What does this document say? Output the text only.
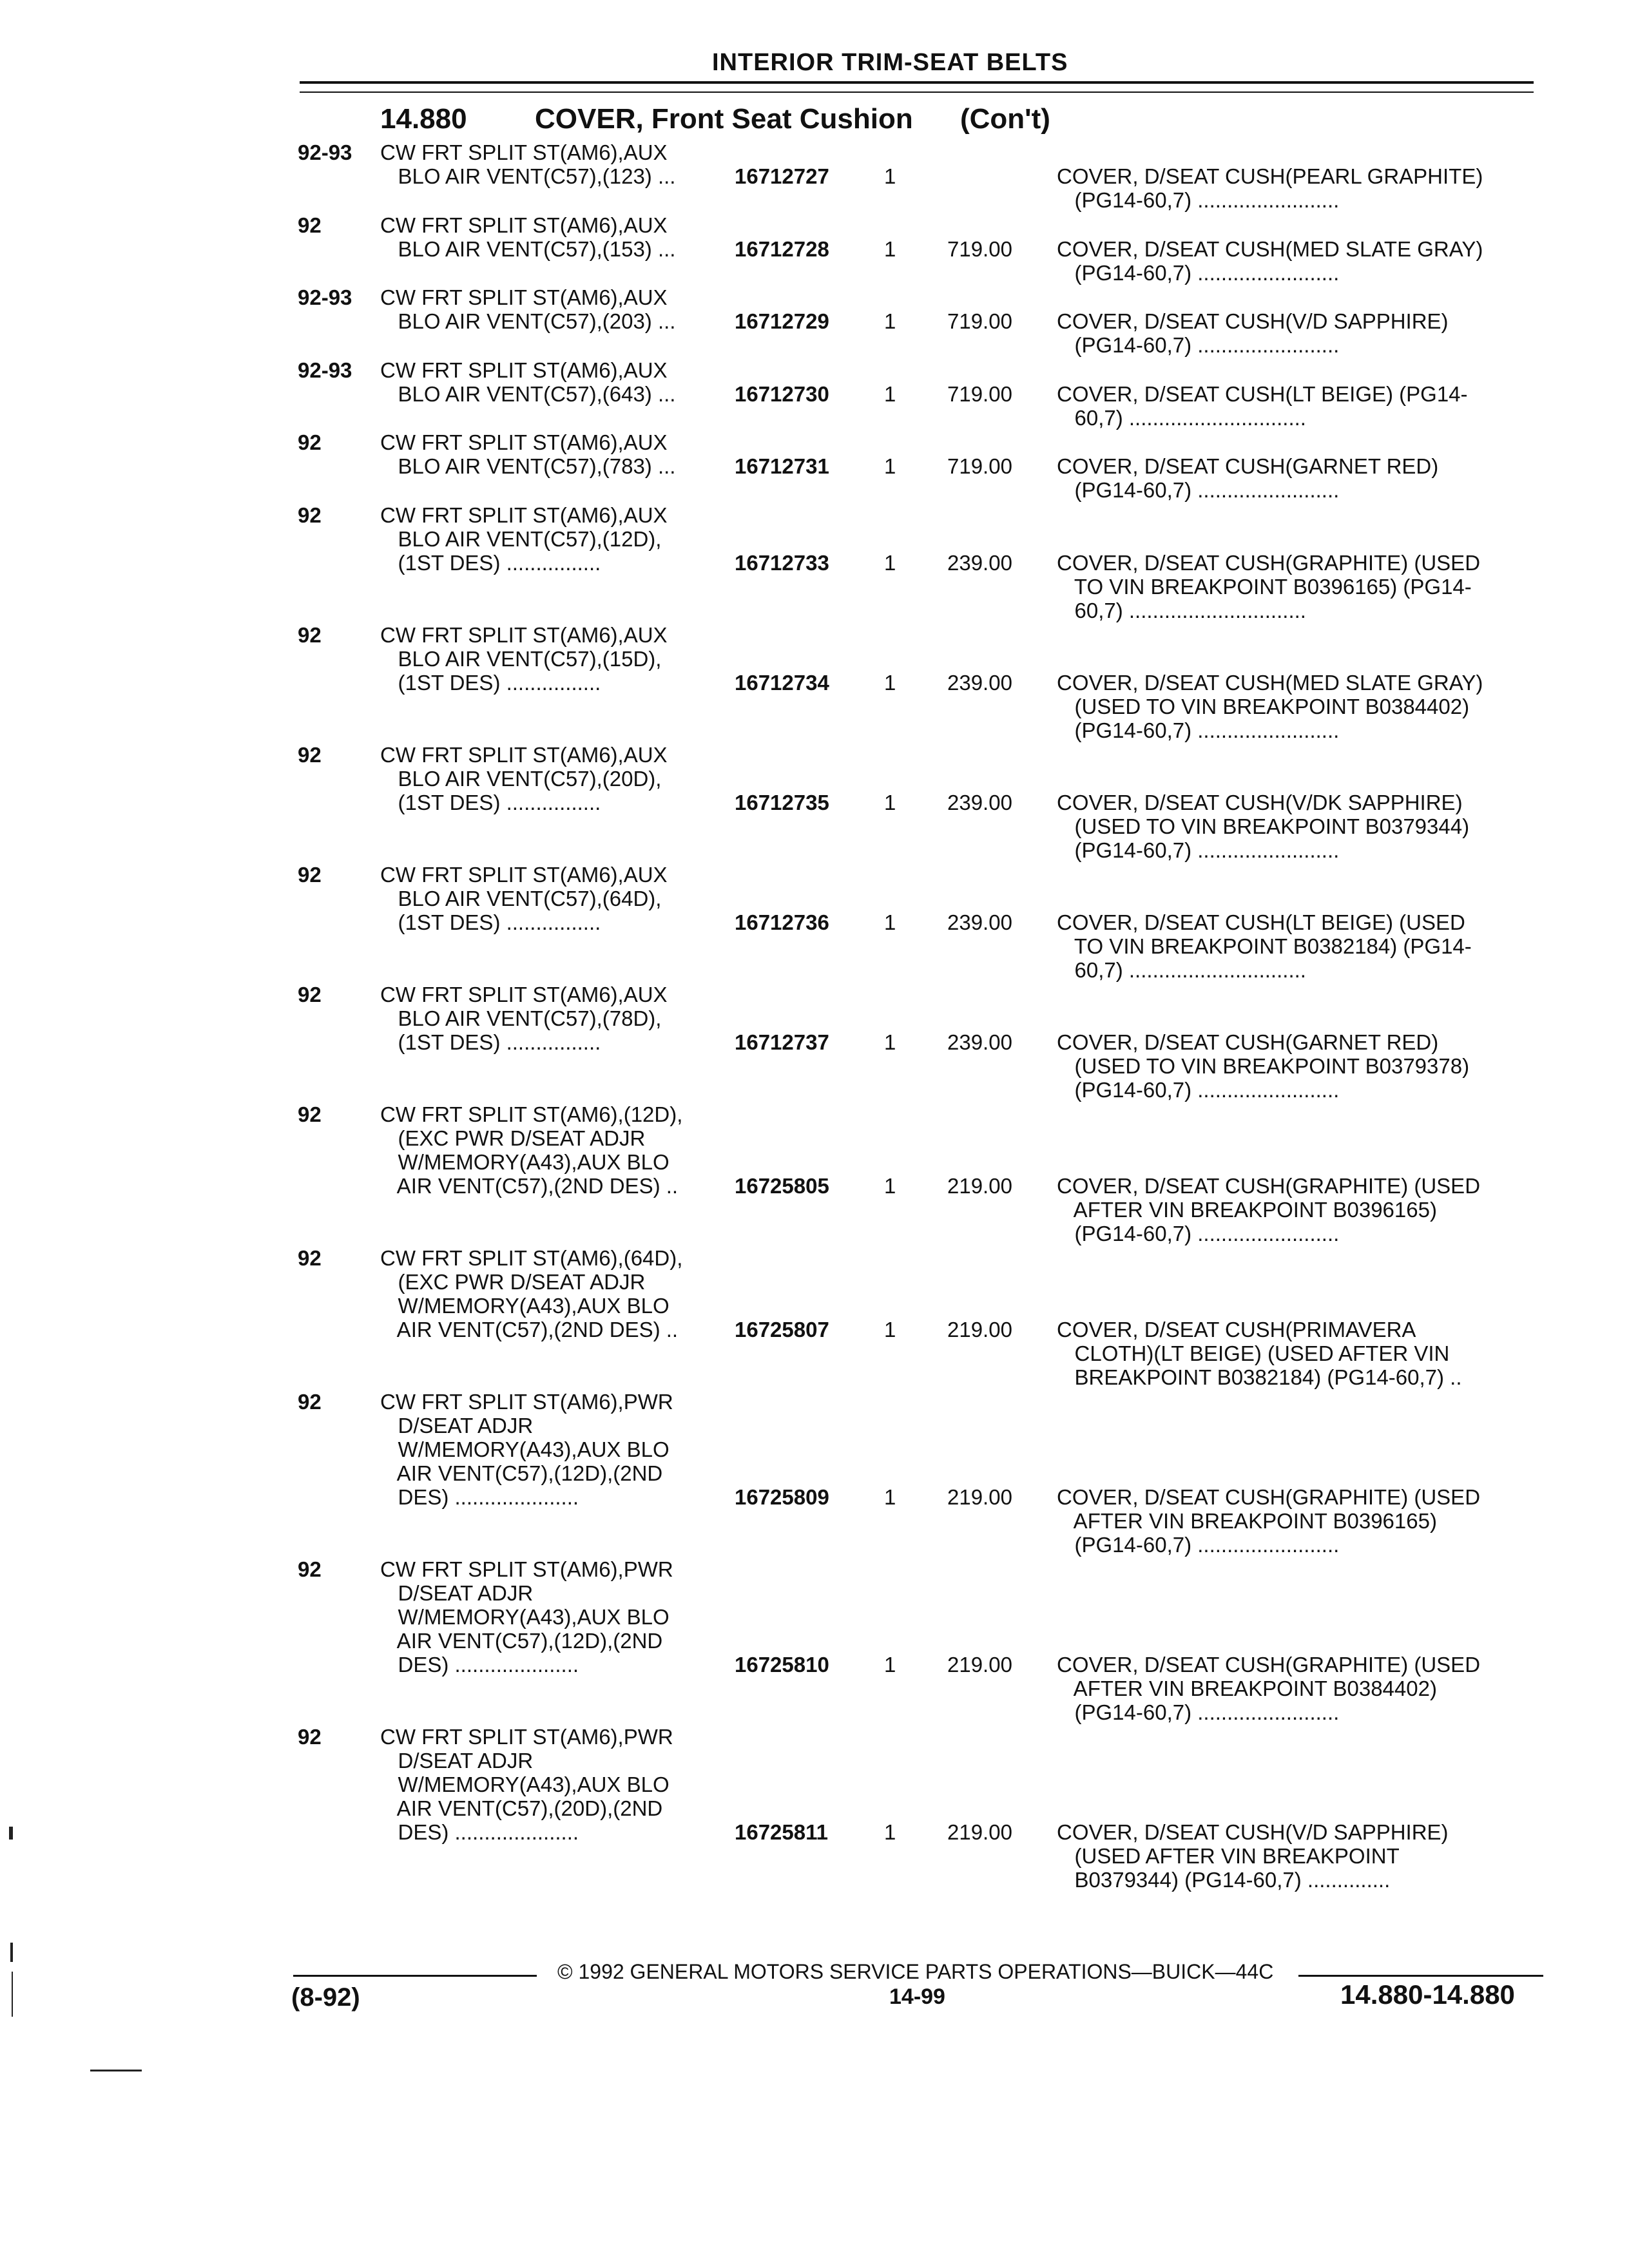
INTERIOR TRIM-SEAT BELTS
14.880 COVER, Front Seat Cushion (Con't)
92-93 CW FRT SPLIT ST(AM6),AUX
BLO AIR VENT(C57),(123) ...	16712727	1	COVER, D/SEAT CUSH(PEARL GRAPHITE)
(PG14-60,7) ........................
92	CW FRT SPLIT ST(AM6),AUX
BLO AIR VENT(C57),(153) ...	16712728	1 719.00 COVER, D/SEAT CUSH(MED SLATE GRAY)
(PG14-60,7) ........................
92-93 CW FRT SPLIT ST(AM6),AUX
BLO AIR VENT(C57),(203) ...	16712729	1 719.00 COVER, D/SEAT CUSH(V/D SAPPHIRE)
(PG14-60,7) ........................
92-93 CW FRT SPLIT ST(AM6),AUX
BLO AIR VENT(C57),(643) ...	16712730	1 719.00 COVER, D/SEAT CUSH(LT BEIGE) (PG14-
60,7) ..............................
92	CW FRT SPLIT ST(AM6),AUX
BLO AIR VENT(C57),(783) ...	16712731	1 719.00 COVER, D/SEAT CUSH(GARNET RED)
(PG14-60,7) ........................
92	CW FRT SPLIT ST(AM6),AUX
BLO AIR VENT(C57),(12D),
(1ST DES) ................	16712733	1 239.00 COVER, D/SEAT CUSH(GRAPHITE) (USED
TO VIN BREAKPOINT B0396165) (PG14-
60,7) ..............................
92	CW FRT SPLIT ST(AM6),AUX
BLO AIR VENT(C57),(15D),
(1ST DES) ................	16712734	1 239.00 COVER, D/SEAT CUSH(MED SLATE GRAY)
(USED TO VIN BREAKPOINT B0384402)
(PG14-60,7) ........................
92	CW FRT SPLIT ST(AM6),AUX
BLO AIR VENT(C57),(20D),
(1ST DES) ................	16712735	1 239.00 COVER, D/SEAT CUSH(V/DK SAPPHIRE)
(USED TO VIN BREAKPOINT B0379344)
(PG14-60,7) ........................
92	CW FRT SPLIT ST(AM6),AUX
BLO AIR VENT(C57),(64D),
(1ST DES) ................	16712736	1 239.00 COVER, D/SEAT CUSH(LT BEIGE) (USED
TO VIN BREAKPOINT B0382184) (PG14-
60,7) ..............................
92	CW FRT SPLIT ST(AM6),AUX
BLO AIR VENT(C57),(78D),
(1ST DES) ................	16712737	1 239.00 COVER, D/SEAT CUSH(GARNET RED)
(USED TO VIN BREAKPOINT B0379378)
(PG14-60,7) ........................
92	CW FRT SPLIT ST(AM6),(12D),
(EXC PWR D/SEAT ADJR
W/MEMORY(A43),AUX BLO
AIR VENT(C57),(2ND DES) ..	16725805	1 219.00 COVER, D/SEAT CUSH(GRAPHITE) (USED
AFTER VIN BREAKPOINT B0396165)
(PG14-60,7) ........................
92	CW FRT SPLIT ST(AM6),(64D),
(EXC PWR D/SEAT ADJR
W/MEMORY(A43),AUX BLO
AIR VENT(C57),(2ND DES) ..	16725807	1 219.00 COVER, D/SEAT CUSH(PRIMAVERA
CLOTH)(LT BEIGE) (USED AFTER VIN
BREAKPOINT B0382184) (PG14-60,7) ..
92	CW FRT SPLIT ST(AM6),PWR
D/SEAT ADJR
W/MEMORY(A43),AUX BLO
AIR VENT(C57),(12D),(2ND
DES) .....................	16725809	1 219.00 COVER, D/SEAT CUSH(GRAPHITE) (USED
AFTER VIN BREAKPOINT B0396165)
(PG14-60,7) ........................
92	CW FRT SPLIT ST(AM6),PWR
D/SEAT ADJR
W/MEMORY(A43),AUX BLO
AIR VENT(C57),(12D),(2ND
DES) .....................	16725810	1 219.00 COVER, D/SEAT CUSH(GRAPHITE) (USED
AFTER VIN BREAKPOINT B0384402)
(PG14-60,7) ........................
92	CW FRT SPLIT ST(AM6),PWR
D/SEAT ADJR
W/MEMORY(A43),AUX BLO
AIR VENT(C57),(20D),(2ND
DES) .....................	16725811	1 219.00 COVER, D/SEAT CUSH(V/D SAPPHIRE)
(USED AFTER VIN BREAKPOINT
B0379344) (PG14-60,7) ..............
© 1992 GENERAL MOTORS SERVICE PARTS OPERATIONS—BUICK—44C
(8-92)	14-99	14.880-14.880
